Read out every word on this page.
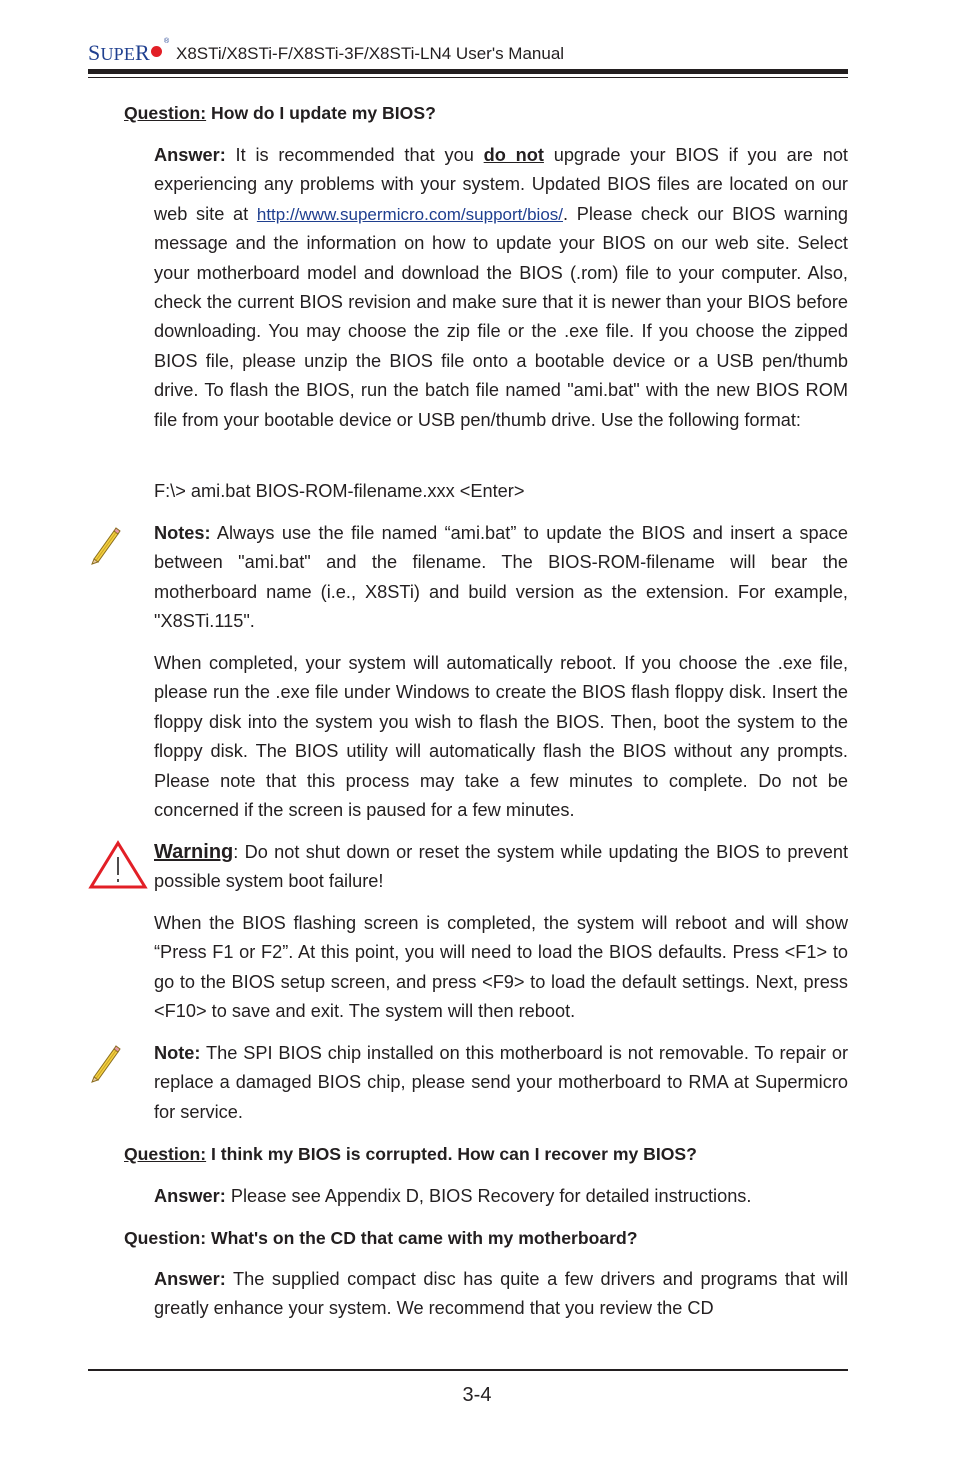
SUPER ®
X8STi/X8STi-F/X8STi-3F/X8STi-LN4 User's Manual

Question: How do I update my BIOS?

Answer: It is recommended that you do not upgrade your BIOS if you are not experiencing any problems with your system. Updated BIOS files are located on our web site at http://www.supermicro.com/support/bios/. Please check our BIOS warning message and the information on how to update your BIOS on our web site. Select your motherboard model and download the BIOS (.rom) file to your computer. Also, check the current BIOS revision and make sure that it is newer than your BIOS before downloading. You may choose the zip file or the .exe file. If you choose the zipped BIOS file, please unzip the BIOS file onto a bootable device or a USB pen/thumb drive. To flash the BIOS, run the batch file named "ami.bat" with the new BIOS ROM file from your bootable device or USB pen/thumb drive. Use the following format:

F:\> ami.bat BIOS-ROM-filename.xxx <Enter>

Notes: Always use the file named “ami.bat” to update the BIOS and insert a space between "ami.bat" and the filename. The BIOS-ROM-filename will bear the motherboard name (i.e., X8STi) and build version as the extension. For example, "X8STi.115".

When completed, your system will automatically reboot. If you choose the .exe file, please run the .exe file under Windows to create the BIOS flash floppy disk. Insert the floppy disk into the system you wish to flash the BIOS. Then, boot the system to the floppy disk. The BIOS utility will automatically flash the BIOS without any prompts. Please note that this process may take a few minutes to complete. Do not be concerned if the screen is paused for a few minutes.

Warning: Do not shut down or reset the system while updating the BIOS to prevent possible system boot failure!

When the BIOS flashing screen is completed, the system will reboot and will show “Press F1 or F2”. At this point, you will need to load the BIOS defaults. Press <F1> to go to the BIOS setup screen, and press <F9> to load the default settings. Next, press <F10> to save and exit. The system will then reboot.

Note: The SPI BIOS chip installed on this motherboard is not removable. To repair or replace a damaged BIOS chip, please send your motherboard to RMA at Supermicro for service.

Question: I think my BIOS is corrupted. How can I recover my BIOS?

Answer: Please see Appendix D, BIOS Recovery for detailed instructions.

Question: What's on the CD that came with my motherboard?

Answer: The supplied compact disc has quite a few drivers and programs that will greatly enhance your system. We recommend that you review the CD

3-4
